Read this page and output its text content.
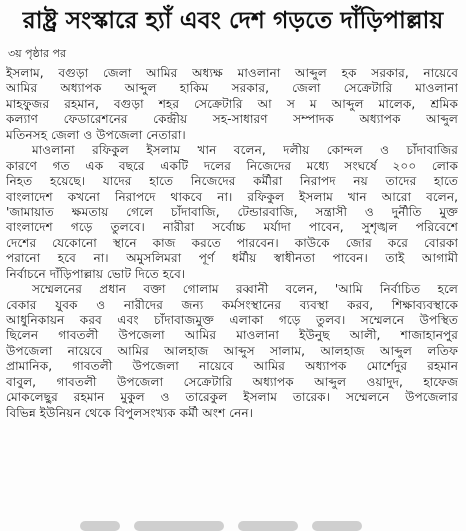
রাষ্ট্র সংস্কারে হ্যাঁ এবং দেশ গড়তে দাঁড়িপাল্লায়
৩য় পৃষ্ঠার পর
ইসলাম, বগুড়া জেলা আমির অধ্যক্ষ মাওলানা আব্দুল হক সরকার, নায়েবে
আমির অধ্যাপক আব্দুল হাকিম সরকার, জেলা সেক্রেটারি মাওলানা
মাহফুজর রহমান, বগুড়া শহর সেক্রেটারি আ স ম আব্দুল মালেক, শ্রমিক
কল্যাণ ফেডারেশনের কেন্দ্রীয় সহ-সাধারণ সম্পাদক অধ্যাপক আব্দুল
মতিনসহ জেলা ও উপজেলা নেতারা।
মাওলানা রফিকুল ইসলাম খান বলেন, দলীয় কোন্দল ও চাঁদাবাজির
কারণে গত এক বছরে একটি দলের নিজেদের মধ্যে সংঘর্ষে ২০০ লোক
নিহত হয়েছে। যাদের হাতে নিজেদের কর্মীরা নিরাপদ নয় তাদের হাতে
বাংলাদেশ কখনো নিরাপদে থাকবে না। রফিকুল ইসলাম খান আরো বলেন,
'জামায়াত ক্ষমতায় গেলে চাঁদাবাজি, টেন্ডারবাজি, সন্ত্রাসী ও দুর্নীতি মুক্ত
বাংলাদেশ গড়ে তুলবে। নারীরা সর্বোচ্চ মর্যাদা পাবেন, সুশৃঙ্খল পরিবেশে
দেশের যেকোনো স্থানে কাজ করতে পারবেন। কাউকে জোর করে বোরকা
পরানো হবে না। অমুসলিমরা পূর্ণ ধর্মীয় স্বাধীনতা পাবেন। তাই আগামী
নির্বাচনে দাঁড়িপাল্লায় ভোট দিতে হবে।
সম্মেলনের প্রধান বক্তা গোলাম রব্বানী বলেন, 'আমি নির্বাচিত হলে
বেকার যুবক ও নারীদের জন্য কর্মসংস্থানের ব্যবস্থা করব, শিক্ষাব্যবস্থাকে
আধুনিকায়ন করব এবং চাঁদাবাজমুক্ত এলাকা গড়ে তুলব। সম্মেলনে উপস্থিত
ছিলেন গাবতলী উপজেলা আমির মাওলানা ইউনুছ আলী, শাজাহানপুর
উপজেলা নায়েবে আমির আলহাজ আব্দুস সালাম, আলহাজ আব্দুল লতিফ
প্রামানিক, গাবতলী উপজেলা নায়েবে আমির অধ্যাপক মোর্শেদুর রহমান
বাবুল, গাবতলী উপজেলা সেক্রেটারি অধ্যাপক আব্দুল ওয়াদুদ, হাফেজ
মোকলেছুর রহমান মুকুল ও তারেকুল ইসলাম তারেক। সম্মেলনে উপজেলার
বিভিন্ন ইউনিয়ন থেকে বিপুলসংখ্যক কর্মী অংশ নেন।
